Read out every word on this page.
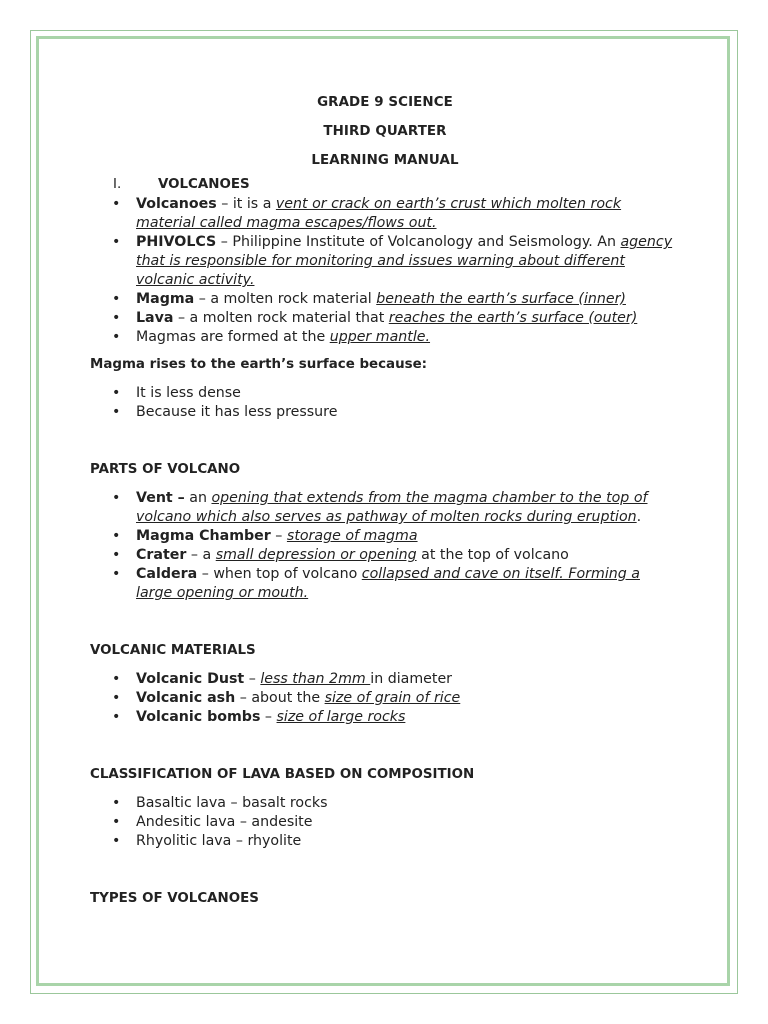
GRADE 9 SCIENCE

THIRD QUARTER

LEARNING MANUAL

I.	VOLCANOES
• Volcanoes – it is a vent or crack on earth’s crust which molten rock material called magma escapes/flows out.
• PHIVOLCS – Philippine Institute of Volcanology and Seismology. An agency that is responsible for monitoring and issues warning about different volcanic activity.
• Magma – a molten rock material beneath the earth’s surface (inner)
• Lava – a molten rock material that reaches the earth’s surface (outer)
• Magmas are formed at the upper mantle.

Magma rises to the earth’s surface because:

• It is less dense
• Because it has less pressure

PARTS OF VOLCANO

• Vent – an opening that extends from the magma chamber to the top of volcano which also serves as pathway of molten rocks during eruption.
• Magma Chamber – storage of magma
• Crater – a small depression or opening at the top of volcano
• Caldera – when top of volcano collapsed and cave on itself. Forming a large opening or mouth.

VOLCANIC MATERIALS

• Volcanic Dust – less than 2mm in diameter
• Volcanic ash – about the size of grain of rice
• Volcanic bombs – size of large rocks

CLASSIFICATION OF LAVA BASED ON COMPOSITION

• Basaltic lava – basalt rocks
• Andesitic lava – andesite
• Rhyolitic lava – rhyolite

TYPES OF VOLCANOES
